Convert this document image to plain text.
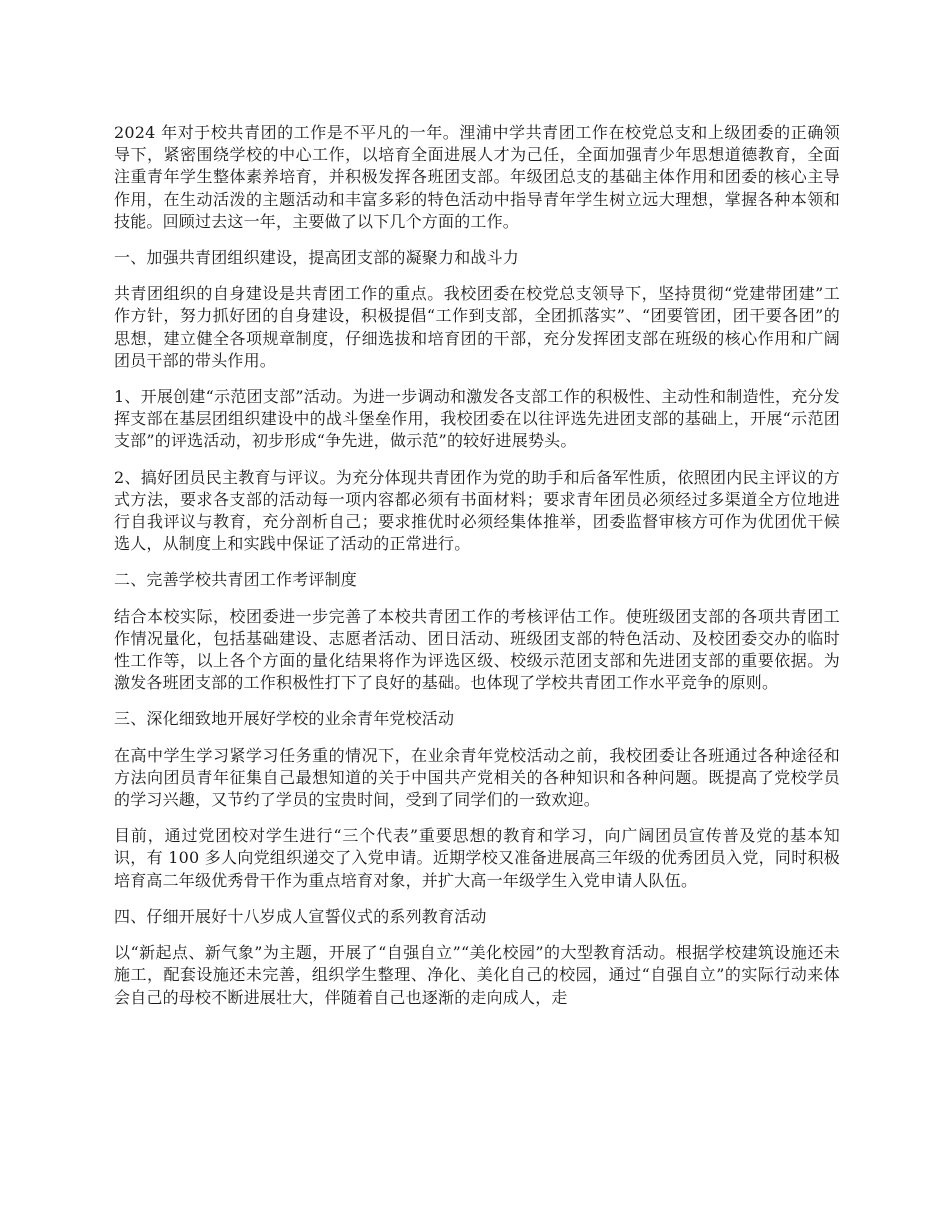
2024 年对于校共青团的工作是不平凡的一年。浬浦中学共青团工作在校党总支和上级团委的正确领导下，紧密围绕学校的中心工作，以培育全面进展人才为己任，全面加强青少年思想道德教育，全面注重青年学生整体素养培育，并积极发挥各班团支部。年级团总支的基础主体作用和团委的核心主导作用，在生动活泼的主题活动和丰富多彩的特色活动中指导青年学生树立远大理想，掌握各种本领和技能。回顾过去这一年，主要做了以下几个方面的工作。

一、加强共青团组织建设，提高团支部的凝聚力和战斗力

共青团组织的自身建设是共青团工作的重点。我校团委在校党总支领导下，坚持贯彻“党建带团建”工作方针，努力抓好团的自身建设，积极提倡“工作到支部，全团抓落实”、“团要管团，团干要各团”的思想，建立健全各项规章制度，仔细选拔和培育团的干部，充分发挥团支部在班级的核心作用和广阔团员干部的带头作用。

1、开展创建“示范团支部”活动。为进一步调动和激发各支部工作的积极性、主动性和制造性，充分发挥支部在基层团组织建设中的战斗堡垒作用，我校团委在以往评选先进团支部的基础上，开展“示范团支部”的评选活动，初步形成“争先进，做示范”的较好进展势头。

2、搞好团员民主教育与评议。为充分体现共青团作为党的助手和后备军性质，依照团内民主评议的方式方法，要求各支部的活动每一项内容都必须有书面材料；要求青年团员必须经过多渠道全方位地进行自我评议与教育，充分剖析自己；要求推优时必须经集体推举，团委监督审核方可作为优团优干候选人，从制度上和实践中保证了活动的正常进行。

二、完善学校共青团工作考评制度

结合本校实际，校团委进一步完善了本校共青团工作的考核评估工作。使班级团支部的各项共青团工作情况量化，包括基础建设、志愿者活动、团日活动、班级团支部的特色活动、及校团委交办的临时性工作等，以上各个方面的量化结果将作为评选区级、校级示范团支部和先进团支部的重要依据。为激发各班团支部的工作积极性打下了良好的基础。也体现了学校共青团工作水平竞争的原则。

三、深化细致地开展好学校的业余青年党校活动

在高中学生学习紧学习任务重的情况下，在业余青年党校活动之前，我校团委让各班通过各种途径和方法向团员青年征集自己最想知道的关于中国共产党相关的各种知识和各种问题。既提高了党校学员的学习兴趣，又节约了学员的宝贵时间，受到了同学们的一致欢迎。

目前，通过党团校对学生进行“三个代表”重要思想的教育和学习，向广阔团员宣传普及党的基本知识，有 100 多人向党组织递交了入党申请。近期学校又准备进展高三年级的优秀团员入党，同时积极培育高二年级优秀骨干作为重点培育对象，并扩大高一年级学生入党申请人队伍。

四、仔细开展好十八岁成人宣誓仪式的系列教育活动

以“新起点、新气象”为主题，开展了“自强自立”“美化校园”的大型教育活动。根据学校建筑设施还未施工，配套设施还未完善，组织学生整理、净化、美化自己的校园，通过“自强自立”的实际行动来体会自己的母校不断进展壮大，伴随着自己也逐渐的走向成人，走
